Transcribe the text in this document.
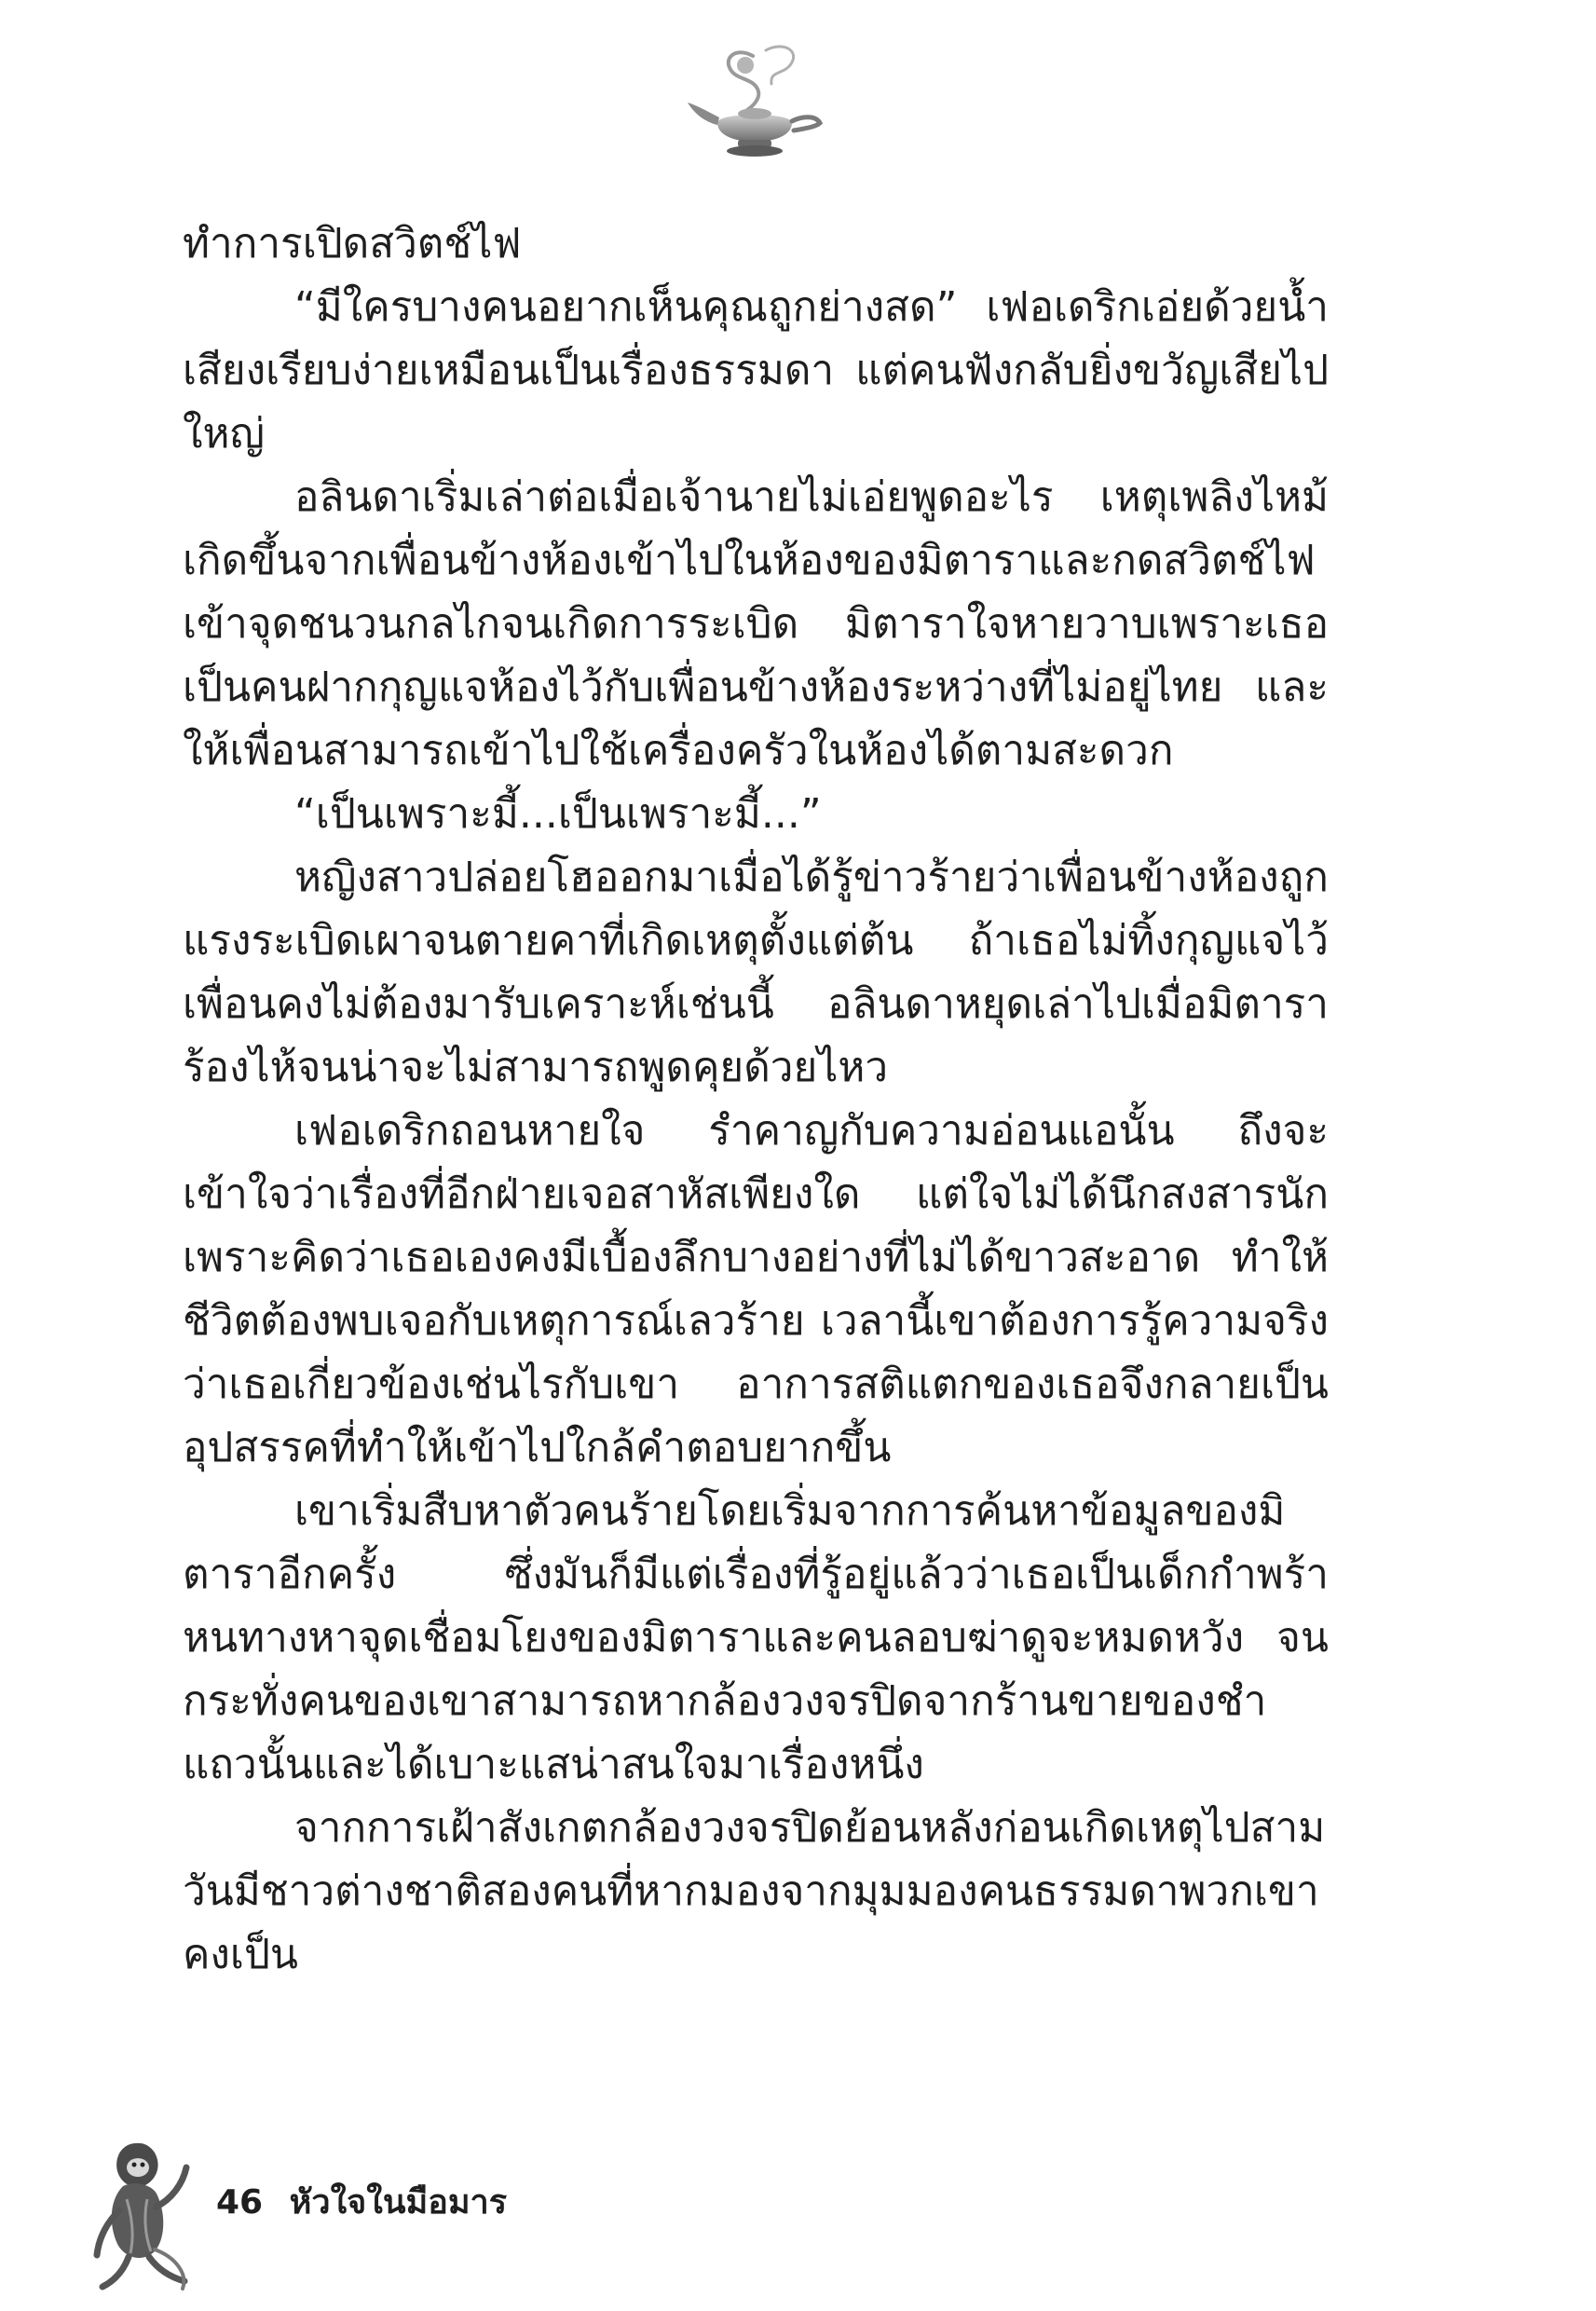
ทำการเปิดสวิตช์ไฟ

“มีใครบางคนอยากเห็นคุณถูกย่างสด” เฟอเดริกเอ่ยด้วยน้ำเสียงเรียบง่ายเหมือนเป็นเรื่องธรรมดา แต่คนฟังกลับยิ่งขวัญเสียไปใหญ่

อลินดาเริ่มเล่าต่อเมื่อเจ้านายไม่เอ่ยพูดอะไร เหตุเพลิงไหม้เกิดขึ้นจากเพื่อนข้างห้องเข้าไปในห้องของมิตาราและกดสวิตช์ไฟเข้าจุดชนวนกลไกจนเกิดการระเบิด มิตาราใจหายวาบเพราะเธอเป็นคนฝากกุญแจห้องไว้กับเพื่อนข้างห้องระหว่างที่ไม่อยู่ไทย และให้เพื่อนสามารถเข้าไปใช้เครื่องครัวในห้องได้ตามสะดวก

“เป็นเพราะมี้...เป็นเพราะมี้...”

หญิงสาวปล่อยโฮออกมาเมื่อได้รู้ข่าวร้ายว่าเพื่อนข้างห้องถูกแรงระเบิดเผาจนตายคาที่เกิดเหตุตั้งแต่ต้น ถ้าเธอไม่ทิ้งกุญแจไว้ เพื่อนคงไม่ต้องมารับเคราะห์เช่นนี้ อลินดาหยุดเล่าไปเมื่อมิตาราร้องไห้จนน่าจะไม่สามารถพูดคุยด้วยไหว

เฟอเดริกถอนหายใจ รำคาญกับความอ่อนแอนั้น ถึงจะเข้าใจว่าเรื่องที่อีกฝ่ายเจอสาหัสเพียงใด แต่ใจไม่ได้นึกสงสารนัก เพราะคิดว่าเธอเองคงมีเบื้องลึกบางอย่างที่ไม่ได้ขาวสะอาด ทำให้ชีวิตต้องพบเจอกับเหตุการณ์เลวร้าย เวลานี้เขาต้องการรู้ความจริงว่าเธอเกี่ยวข้องเช่นไรกับเขา อาการสติแตกของเธอจึงกลายเป็นอุปสรรคที่ทำให้เข้าไปใกล้คำตอบยากขึ้น

เขาเริ่มสืบหาตัวคนร้ายโดยเริ่มจากการค้นหาข้อมูลของมิตาราอีกครั้ง ซึ่งมันก็มีแต่เรื่องที่รู้อยู่แล้วว่าเธอเป็นเด็กกำพร้า หนทางหาจุดเชื่อมโยงของมิตาราและคนลอบฆ่าดูจะหมดหวัง จนกระทั่งคนของเขาสามารถหากล้องวงจรปิดจากร้านขายของชำแถวนั้นและได้เบาะแสน่าสนใจมาเรื่องหนึ่ง

จากการเฝ้าสังเกตกล้องวงจรปิดย้อนหลังก่อนเกิดเหตุไปสามวันมีชาวต่างชาติสองคนที่หากมองจากมุมมองคนธรรมดาพวกเขาคงเป็น

46 หัวใจในมือมาร
